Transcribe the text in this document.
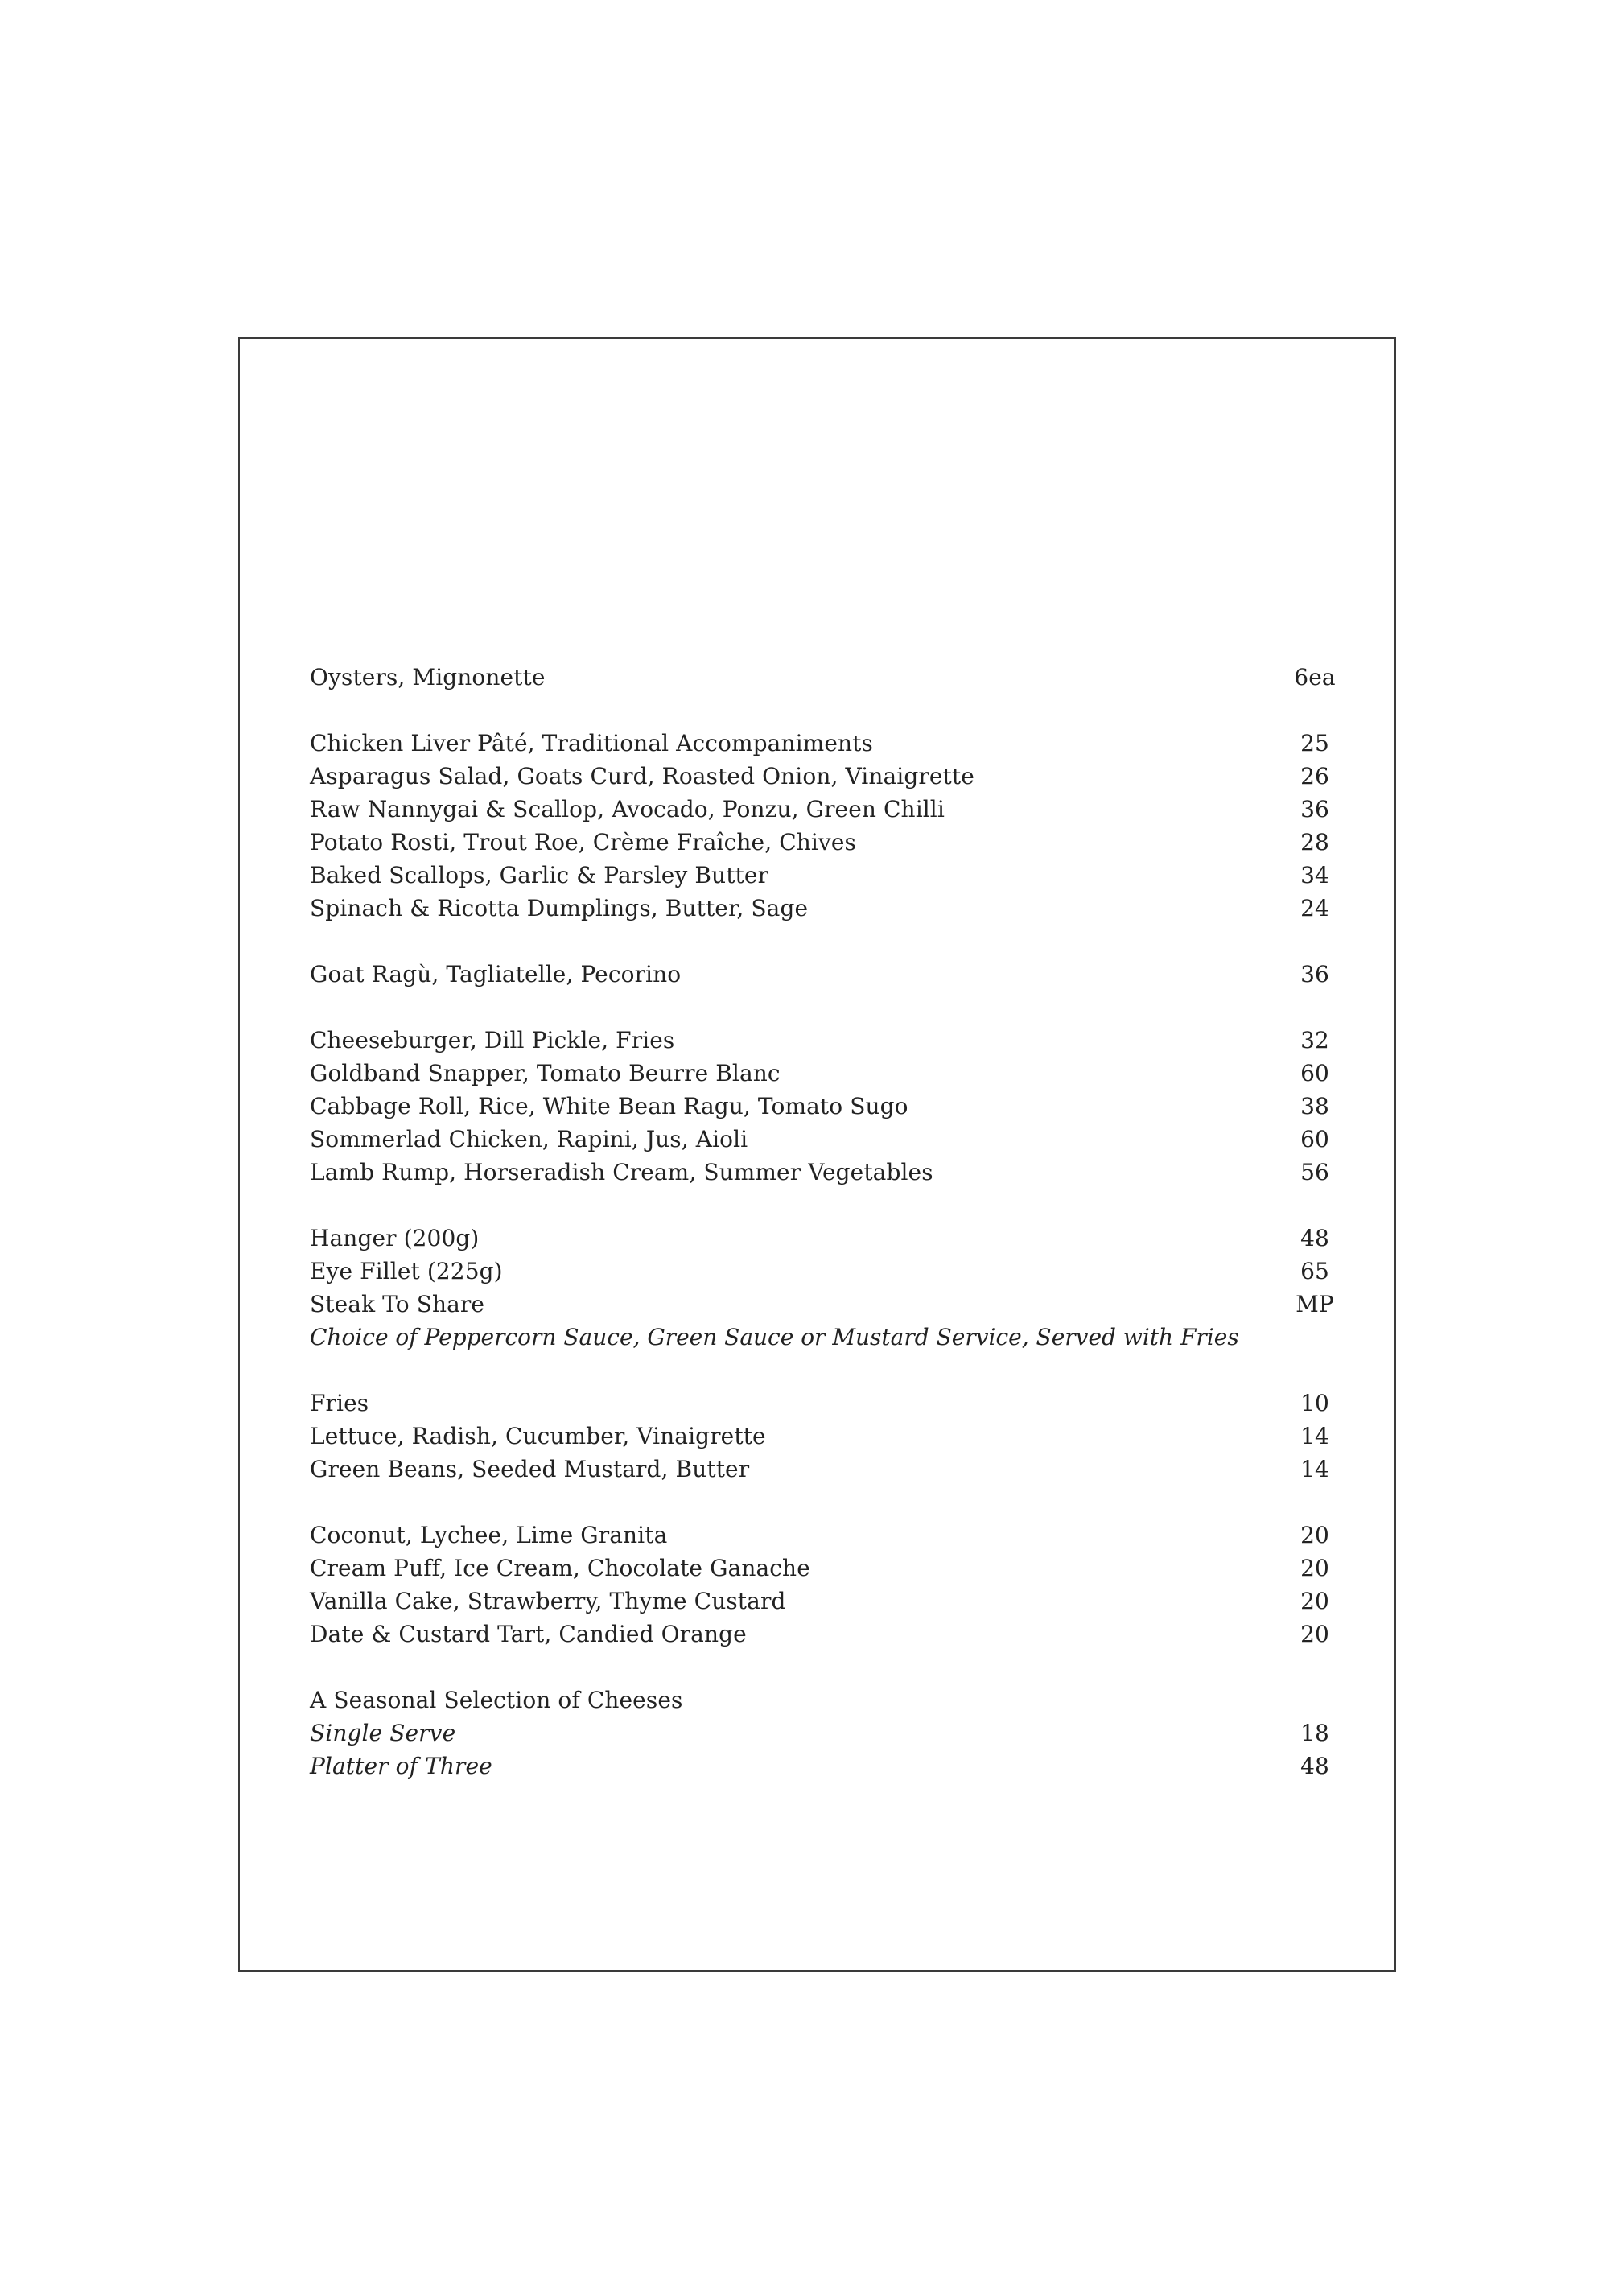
Oysters, Mignonette	6ea
Chicken Liver Pâté, Traditional Accompaniments	25
Asparagus Salad, Goats Curd, Roasted Onion, Vinaigrette	26
Raw Nannygai & Scallop, Avocado, Ponzu, Green Chilli	36
Potato Rosti, Trout Roe, Crème Fraîche, Chives	28
Baked Scallops, Garlic & Parsley Butter	34
Spinach & Ricotta Dumplings, Butter, Sage	24
Goat Ragù, Tagliatelle, Pecorino	36
Cheeseburger, Dill Pickle, Fries	32
Goldband Snapper, Tomato Beurre Blanc	60
Cabbage Roll, Rice, White Bean Ragu, Tomato Sugo	38
Sommerlad Chicken, Rapini, Jus, Aioli	60
Lamb Rump, Horseradish Cream, Summer Vegetables	56
Hanger (200g)	48
Eye Fillet (225g)	65
Steak To Share	MP
Choice of Peppercorn Sauce, Green Sauce or Mustard Service, Served with Fries
Fries	10
Lettuce, Radish, Cucumber, Vinaigrette	14
Green Beans, Seeded Mustard, Butter	14
Coconut, Lychee, Lime Granita	20
Cream Puff, Ice Cream, Chocolate Ganache	20
Vanilla Cake, Strawberry, Thyme Custard	20
Date & Custard Tart, Candied Orange	20
A Seasonal Selection of Cheeses
Single Serve	18
Platter of Three	48
